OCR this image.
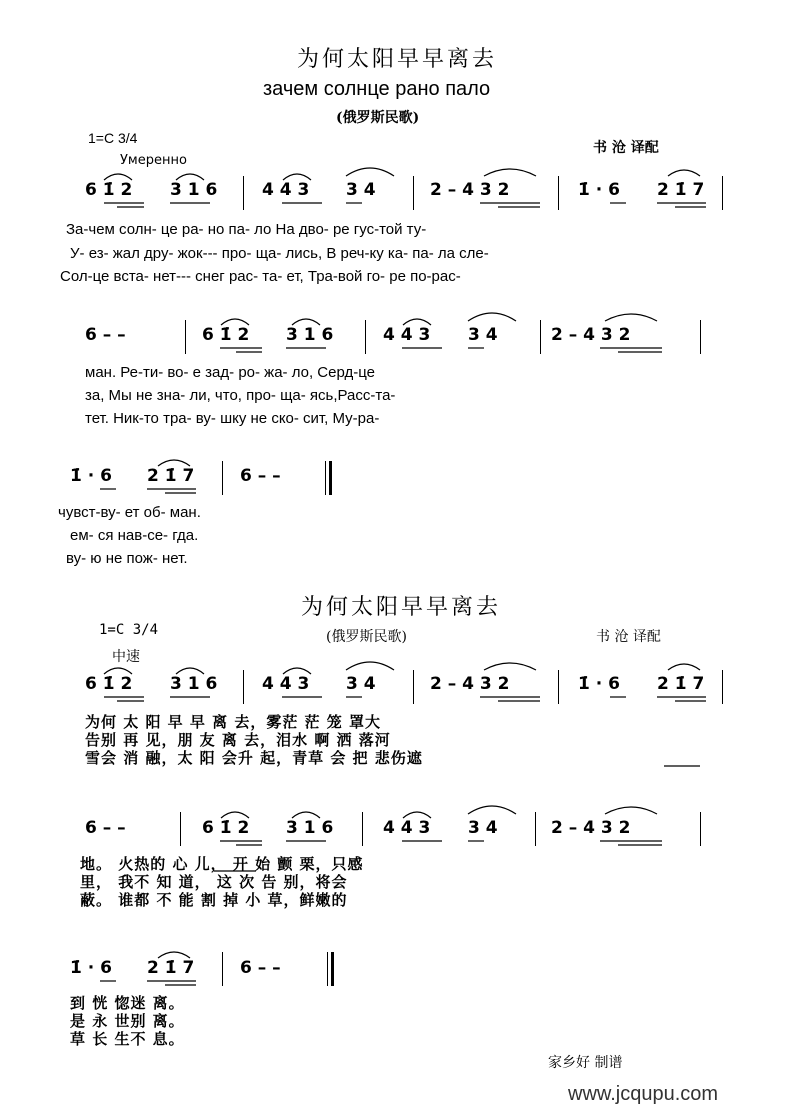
为何太阳早早离去
зачем солнце рано пало
(俄罗斯民歌)
1=C 3/4
书 沧 译配
Умеренно
6 1̇ 2 3 1 6	4 4 3 3 4	2 – 4 3 2	1̇ · 6 2 1̇ 7
За-чем солн- це ра- но па- ло На дво- ре гус-той ту-
У- ез- жал дру- жок--- про- ща- лись, В реч-ку ка- па- ла сле-
Сол-це вста- нет--- снег рас- та- ет, Тра-вой го- ре по-рас-
6 – –	6 1̇ 2 3 1 6	4 4 3 3 4	2 – 4 3 2
ман. Ре-ти- во- е зад- ро- жа- ло, Серд-це
за, Мы не зна- ли, что, про- ща- ясь,Расс-та-
тет. Ник-то тра- ву- шку не ско- сит, Му-ра-
1̇ · 6 2 1̇ 7	6 – –
чувст-ву- ет об- ман.
ем- ся нав-се- гда.
ву- ю не пож- нет.
为何太阳早早离去
1=C 3/4	(俄罗斯民歌)	书 沧 译配
中速
6 1̇ 2 3 1 6	4 4 3 3 4	2 – 4 3 2	1̇ · 6 2 1̇ 7
为何 太 阳 早 早 离 去，雾茫 茫 笼 罩大
告别 再 见，朋 友 离 去，泪水 啊 洒 落河
雪会 消 融，太 阳 会升 起，青草 会 把 悲伤遮
6 – –	6 1̇ 2 3 1 6	4 4 3 3 4	2 – 4 3 2
地。 火热的 心 儿， 开 始 颤 栗，只感
里， 我不 知 道， 这 次 告 别，将会
蔽。 谁都 不 能 割 掉 小 草，鲜嫩的
1̇ · 6 2 1̇ 7	6 – –
到 恍 惚迷 离。
是 永 世别 离。
草 长 生不 息。
家乡好 制谱
www.jcqupu.com
